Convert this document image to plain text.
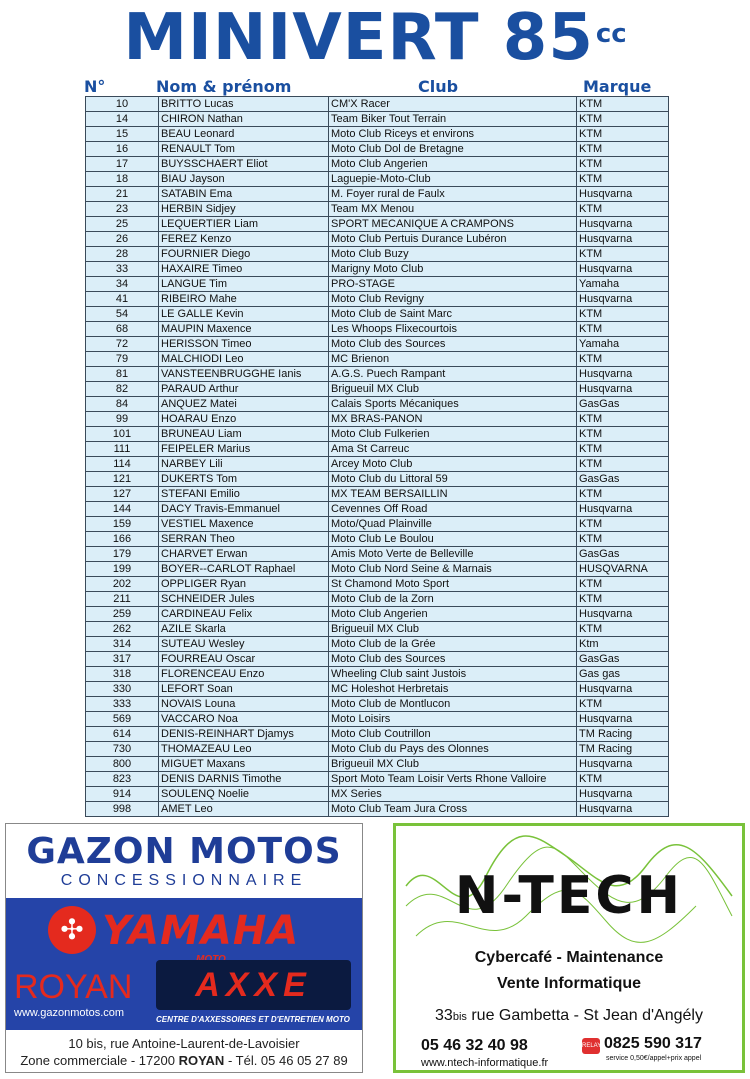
MINIVERT $85^{cc}$
N°	Nom & prénom	Club	Marque
10	BRITTO Lucas	CM'X Racer	KTM
14	CHIRON Nathan	Team Biker Tout Terrain	KTM
15	BEAU Leonard	Moto Club Riceys et environs	KTM
16	RENAULT Tom	Moto Club Dol de Bretagne	KTM
17	BUYSSCHAERT Eliot	Moto Club Angerien	KTM
18	BIAU Jayson	Laguepie-Moto-Club	KTM
21	SATABIN Ema	M. Foyer rural de Faulx	Husqvarna
23	HERBIN Sidjey	Team MX Menou	KTM
25	LEQUERTIER Liam	SPORT MECANIQUE A CRAMPONS	Husqvarna
26	FEREZ Kenzo	Moto Club Pertuis Durance Lubéron	Husqvarna
28	FOURNIER Diego	Moto Club Buzy	KTM
33	HAXAIRE Timeo	Marigny Moto Club	Husqvarna
34	LANGUE Tim	PRO-STAGE	Yamaha
41	RIBEIRO Mahe	Moto Club Revigny	Husqvarna
54	LE GALLE Kevin	Moto Club de Saint Marc	KTM
68	MAUPIN Maxence	Les Whoops Flixecourtois	KTM
72	HERISSON Timeo	Moto Club des Sources	Yamaha
79	MALCHIODI Leo	MC Brienon	KTM
81	VANSTEENBRUGGHE Ianis	A.G.S. Puech Rampant	Husqvarna
82	PARAUD Arthur	Brigueuil MX Club	Husqvarna
84	ANQUEZ Matei	Calais Sports Mécaniques	GasGas
99	HOARAU Enzo	MX BRAS-PANON	KTM
101	BRUNEAU Liam	Moto Club Fulkerien	KTM
111	FEIPELER Marius	Ama St Carreuc	KTM
114	NARBEY Lili	Arcey Moto Club	KTM
121	DUKERTS Tom	Moto Club du Littoral 59	GasGas
127	STEFANI Emilio	MX TEAM BERSAILLIN	KTM
144	DACY Travis-Emmanuel	Cevennes Off Road	Husqvarna
159	VESTIEL Maxence	Moto/Quad Plainville	KTM
166	SERRAN Theo	Moto Club Le Boulou	KTM
179	CHARVET Erwan	Amis Moto Verte de Belleville	GasGas
199	BOYER--CARLOT Raphael	Moto Club Nord Seine & Marnais	HUSQVARNA
202	OPPLIGER Ryan	St Chamond Moto Sport	KTM
211	SCHNEIDER Jules	Moto Club de la Zorn	KTM
259	CARDINEAU Felix	Moto Club Angerien	Husqvarna
262	AZILE Skarla	Brigueuil MX Club	KTM
314	SUTEAU Wesley	Moto Club de la Grée	Ktm
317	FOURREAU Oscar	Moto Club des Sources	GasGas
318	FLORENCEAU Enzo	Wheeling Club saint Justois	Gas gas
330	LEFORT Soan	MC Holeshot Herbretais	Husqvarna
333	NOVAIS Louna	Moto Club de Montlucon	KTM
569	VACCARO Noa	Moto Loisirs	Husqvarna
614	DENIS-REINHART Djamys	Moto Club Coutrillon	TM Racing
730	THOMAZEAU Leo	Moto Club du Pays des Olonnes	TM Racing
800	MIGUET Maxans	Brigueuil MX Club	Husqvarna
823	DENIS DARNIS Timothe	Sport Moto Team Loisir Verts Rhone Valloire	KTM
914	SOULENQ Noelie	MX Series	Husqvarna
998	AMET Leo	Moto Club Team Jura Cross	Husqvarna
GAZON MOTOS
CONCESSIONNAIRE
✣ YAMAHA
ROYAN
www.gazonmotos.com
AXXE
CENTRE D'AXXESSOIRES ET D'ENTRETIEN MOTO
10 bis, rue Antoine-Laurent-de-Lavoisier
Zone commerciale - 17200 ROYAN - Tél. 05 46 05 27 89
N-TECH
Cybercafé - Maintenance
Vente Informatique
33bis rue Gambetta - St Jean d'Angély
05 46 32 40 98
www.ntech-informatique.fr
RELAY 0825 590 317
service 0,50€/appel+prix appel
